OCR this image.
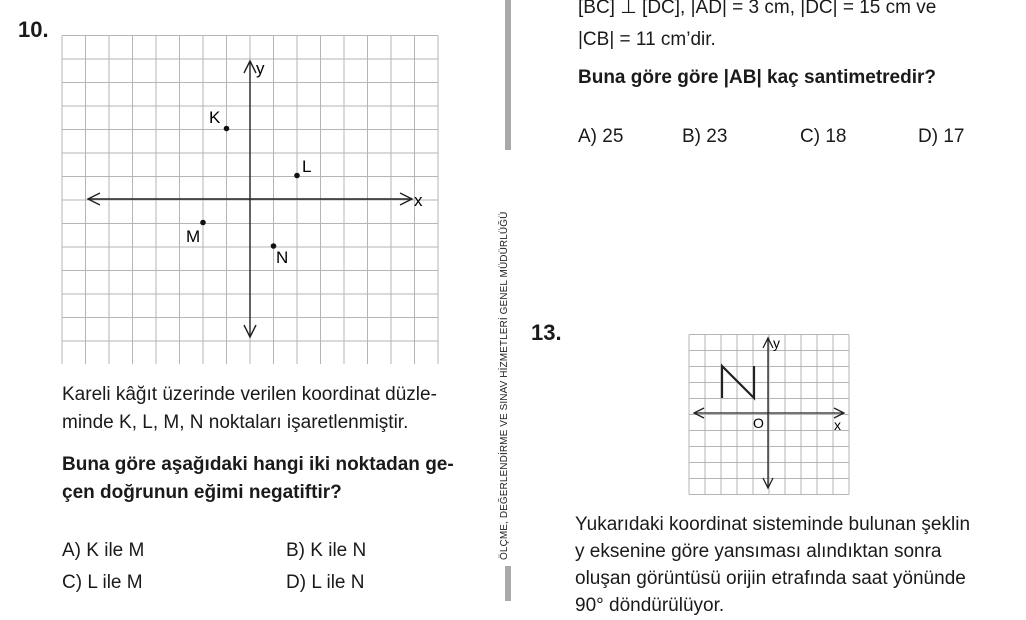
[BC] ⊥ [DC], |AD| = 3 cm, |DC| = 15 cm ve
|CB| = 11 cm’dir.
Buna göre göre |AB| kaç santimetredir?
A) 25	B) 23	C) 18	D) 17
10.
x
y
K
L
M
N
Kareli kâğıt üzerinde verilen koordinat düzle-
minde K, L, M, N noktaları işaretlenmiştir.
Buna göre aşağıdaki hangi iki noktadan ge-
çen doğrunun eğimi negatiftir?
A) K ile M	B) K ile N
C) L ile M	D) L ile N
ÖLÇME, DEĞERLENDİRME VE SINAV HİZMETLERİ GENEL MÜDÜRLÜĞÜ 13.
x
y
O
Yukarıdaki koordinat sisteminde bulunan şeklin
y eksenine göre yansıması alındıktan sonra
oluşan görüntüsü orijin etrafında saat yönünde
90° döndürülüyor.
